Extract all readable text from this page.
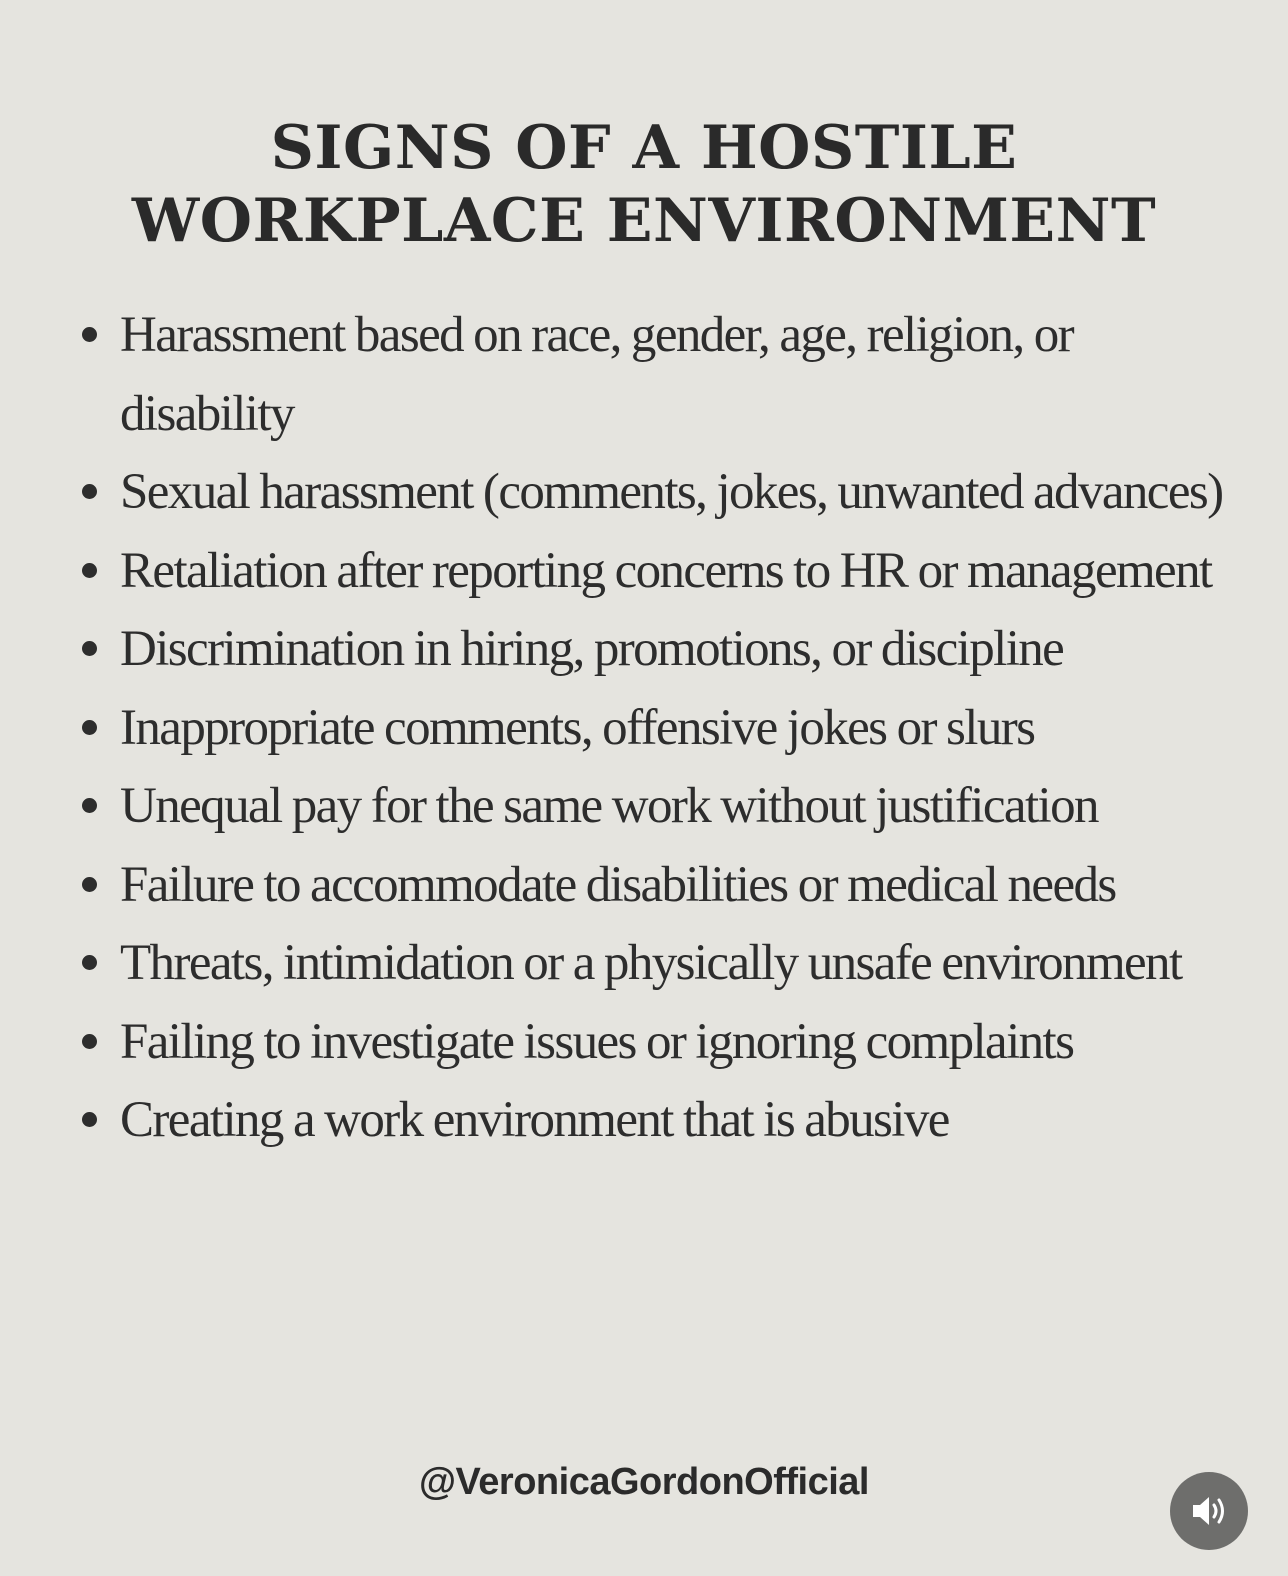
SIGNS OF A HOSTILE
WORKPLACE ENVIRONMENT
Harassment based on race, gender, age, religion, or disability
Sexual harassment (comments, jokes, unwanted advances)
Retaliation after reporting concerns to HR or management
Discrimination in hiring, promotions, or discipline
Inappropriate comments, offensive jokes or slurs
Unequal pay for the same work without justification
Failure to accommodate disabilities or medical needs
Threats, intimidation or a physically unsafe environment
Failing to investigate issues or ignoring complaints
Creating a work environment that is abusive
@VeronicaGordonOfficial
